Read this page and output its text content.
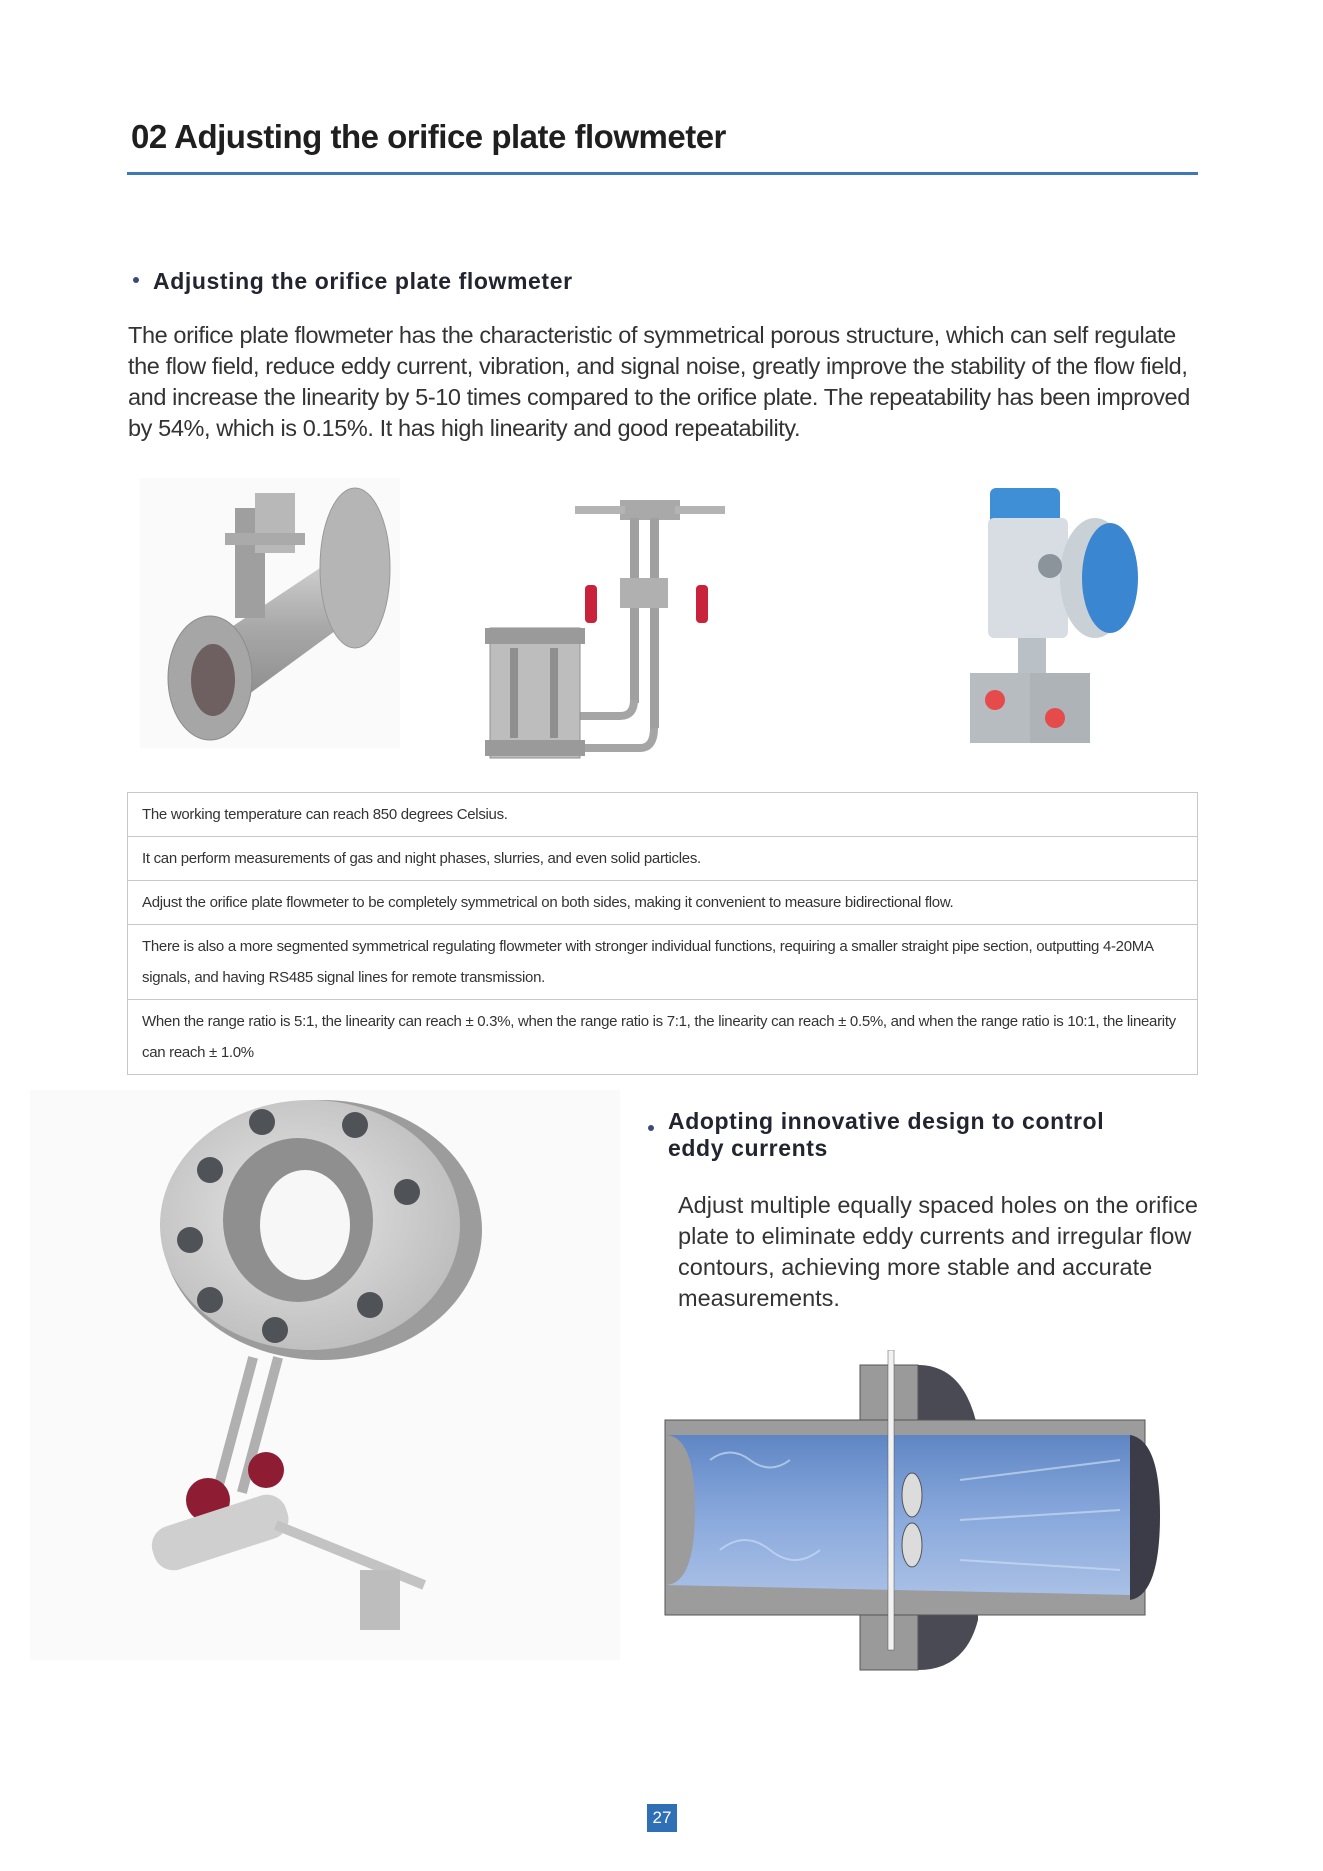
02 Adjusting the orifice plate flowmeter
Adjusting the orifice plate flowmeter
The orifice plate flowmeter has the characteristic of symmetrical porous structure, which can self regulate the flow field, reduce eddy current, vibration, and signal noise, greatly improve the stability of the flow field, and increase the linearity by 5-10 times compared to the orifice plate. The repeatability has been improved by 54%, which is 0.15%. It has high linearity and good repeatability.
The working temperature can reach 850 degrees Celsius.
It can perform measurements of gas and night phases, slurries, and even solid particles.
Adjust the orifice plate flowmeter to be completely symmetrical on both sides, making it convenient to measure bidirectional flow.
There is also a more segmented symmetrical regulating flowmeter with stronger individual functions, requiring a smaller straight pipe section, outputting 4-20MA signals, and having RS485 signal lines for remote transmission.
When the range ratio is 5:1, the linearity can reach ± 0.3%, when the range ratio is 7:1, the linearity can reach ± 0.5%, and when the range ratio is 10:1, the linearity can reach ± 1.0%
Adopting innovative design to control eddy currents
Adjust multiple equally spaced holes on the orifice plate to eliminate eddy currents and irregular flow contours, achieving more stable and accurate measurements.
27
